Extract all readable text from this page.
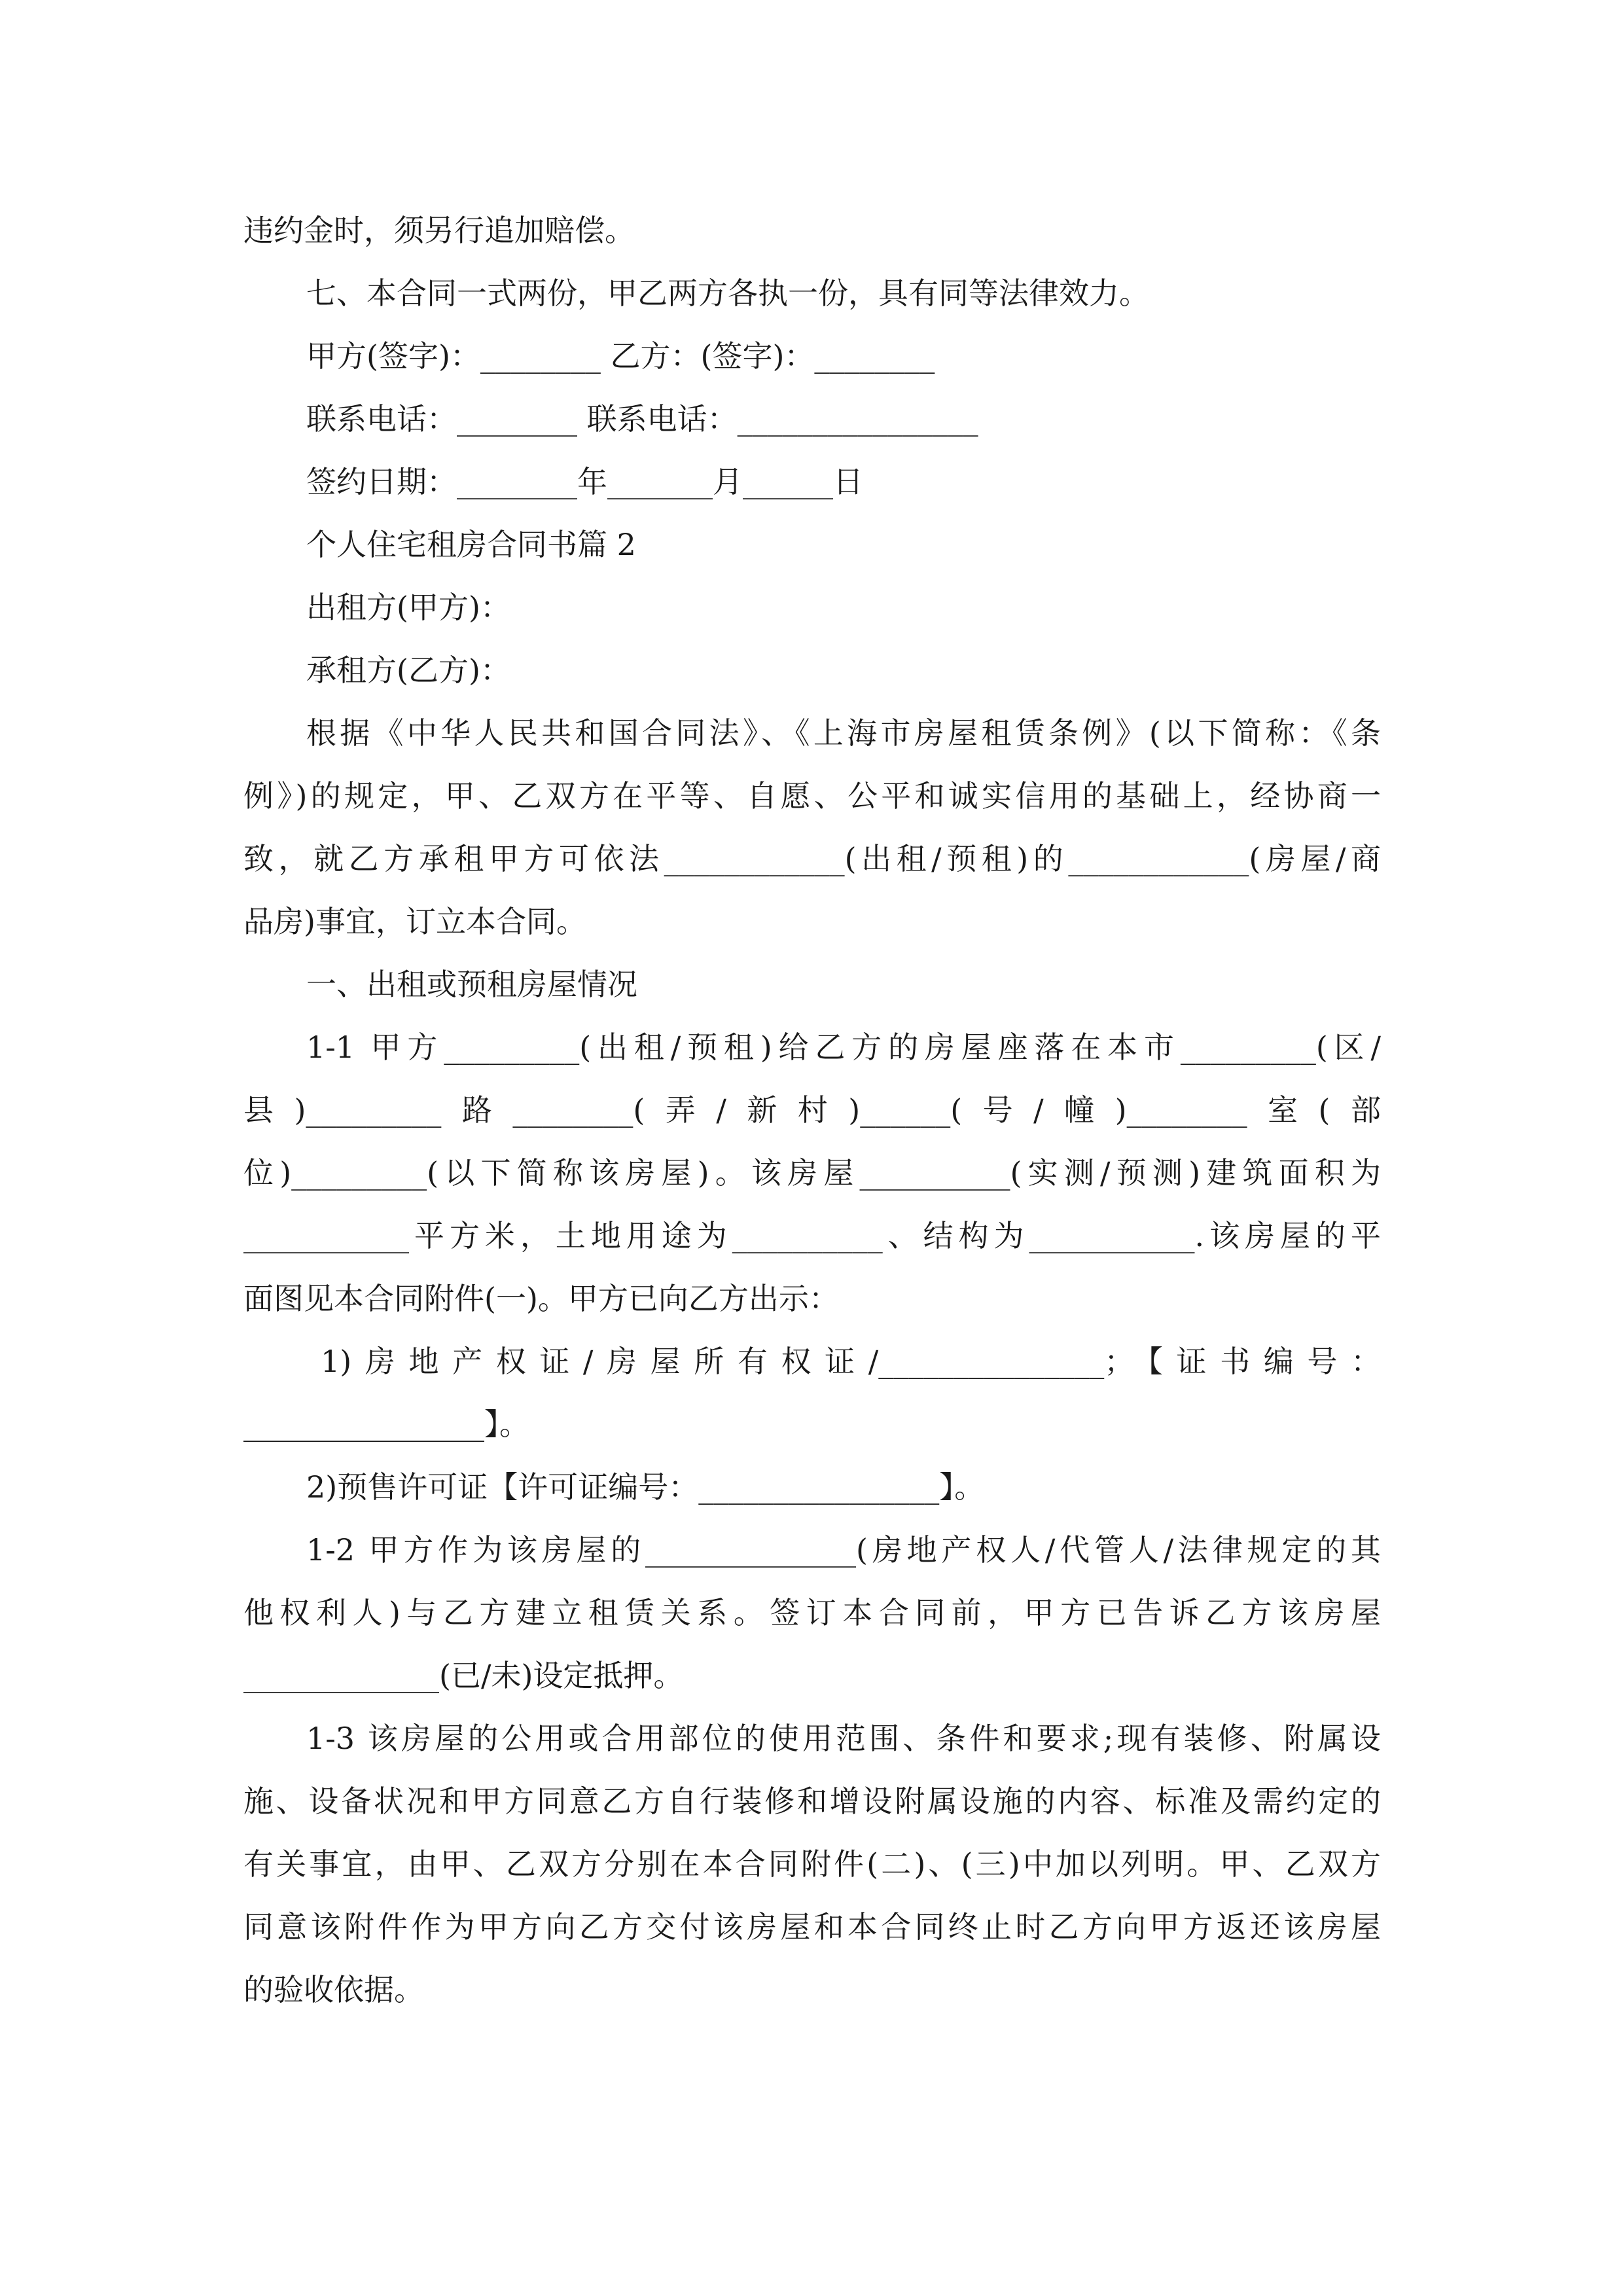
违约金时，须另行追加赔偿。
七、本合同一式两份，甲乙两方各执一份，具有同等法律效力。
甲方(签字)：________ 乙方：(签字)：________
联系电话：________ 联系电话：________________
签约日期：________年_______月______日
个人住宅租房合同书篇 2
出租方(甲方)：
承租方(乙方)：
根据《中华人民共和国合同法》、《上海市房屋租赁条例》(以下简称：《条
例》)的规定，甲、乙双方在平等、自愿、公平和诚实信用的基础上，经协商一
致，就乙方承租甲方可依法____________(出租/预租)的____________(房屋/商
品房)事宜，订立本合同。
一、出租或预租房屋情况
1-1 甲方_________(出租/预租)给乙方的房屋座落在本市_________(区/
县)_________路________(弄/新村)______(号/幢)________室(部
位)_________(以下简称该房屋)。该房屋__________(实测/预测)建筑面积为
___________平方米，土地用途为__________、结构为___________.该房屋的平
面图见本合同附件(一)。甲方已向乙方出示：
1)房地产权证/房屋所有权证/_______________；【证书编号：
________________】。
2)预售许可证【许可证编号：________________】。
1-2 甲方作为该房屋的______________(房地产权人/代管人/法律规定的其
他权利人)与乙方建立租赁关系。签订本合同前，甲方已告诉乙方该房屋
_____________(已/未)设定抵押。
1-3 该房屋的公用或合用部位的使用范围、条件和要求;现有装修、附属设
施、设备状况和甲方同意乙方自行装修和增设附属设施的内容、标准及需约定的
有关事宜，由甲、乙双方分别在本合同附件(二)、(三)中加以列明。甲、乙双方
同意该附件作为甲方向乙方交付该房屋和本合同终止时乙方向甲方返还该房屋
的验收依据。
